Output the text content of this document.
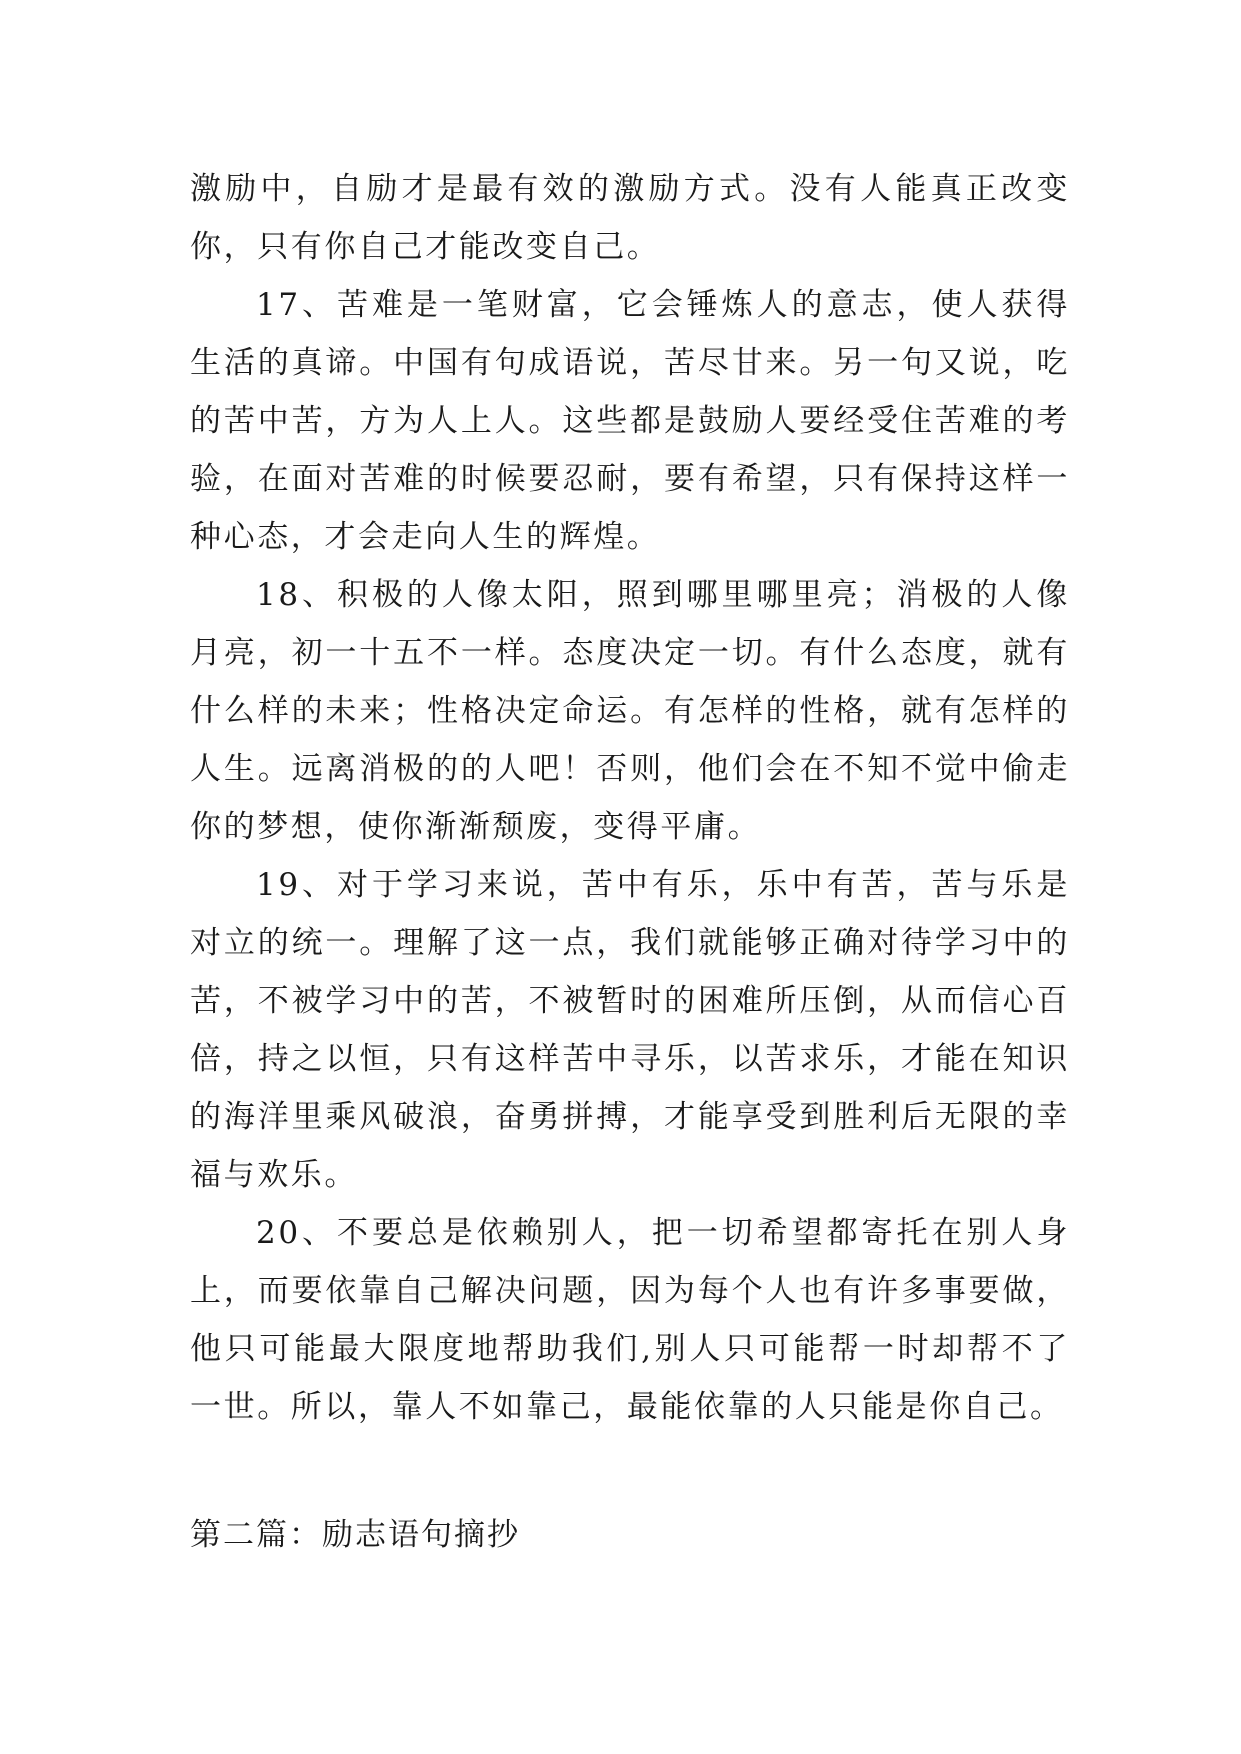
激励中，自励才是最有效的激励方式。没有人能真正改变你，只有你自己才能改变自己。

17、苦难是一笔财富，它会锤炼人的意志，使人获得生活的真谛。中国有句成语说，苦尽甘来。另一句又说，吃的苦中苦，方为人上人。这些都是鼓励人要经受住苦难的考验，在面对苦难的时候要忍耐，要有希望，只有保持这样一种心态，才会走向人生的辉煌。

18、积极的人像太阳，照到哪里哪里亮；消极的人像月亮，初一十五不一样。态度决定一切。有什么态度，就有什么样的未来；性格决定命运。有怎样的性格，就有怎样的人生。远离消极的的人吧！否则，他们会在不知不觉中偷走你的梦想，使你渐渐颓废，变得平庸。

19、对于学习来说，苦中有乐，乐中有苦，苦与乐是对立的统一。理解了这一点，我们就能够正确对待学习中的苦，不被学习中的苦，不被暂时的困难所压倒，从而信心百倍，持之以恒，只有这样苦中寻乐，以苦求乐，才能在知识的海洋里乘风破浪，奋勇拼搏，才能享受到胜利后无限的幸福与欢乐。

20、不要总是依赖别人，把一切希望都寄托在别人身上，而要依靠自己解决问题，因为每个人也有许多事要做，他只可能最大限度地帮助我们,别人只可能帮一时却帮不了一世。所以，靠人不如靠己，最能依靠的人只能是你自己。

第二篇：励志语句摘抄
